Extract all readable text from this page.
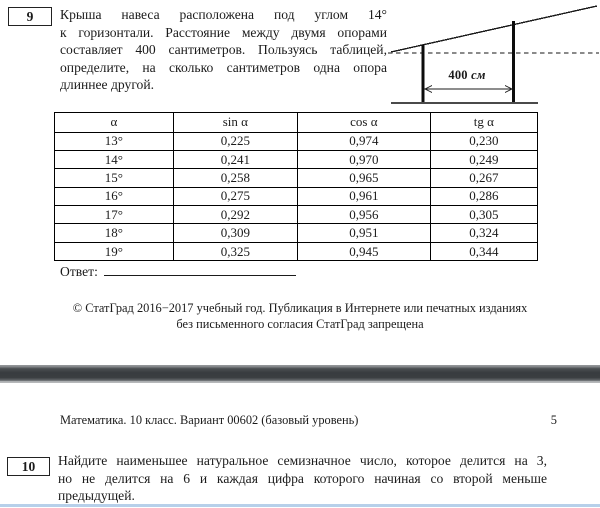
9 Крыша навеса расположена под углом 14°
к горизонтали. Расстояние между двумя опорами
составляет 400 сантиметров. Пользуясь таблицей,
определите, на сколько сантиметров одна опора
длиннее другой.
400 см
α	sin α	cos α	tg α
13°	0,225	0,974	0,230
14°	0,241	0,970	0,249
15°	0,258	0,965	0,267
16°	0,275	0,961	0,286
17°	0,292	0,956	0,305
18°	0,309	0,951	0,324
19°	0,325	0,945	0,344
Ответ:
© СтатГрад 2016−2017 учебный год. Публикация в Интернете или печатных изданиях
без письменного согласия СтатГрад запрещена
Математика. 10 класс. Вариант 00602 (базовый уровень)	5
10 Найдите наименьшее натуральное семизначное число, которое делится на 3,
но не делится на 6 и каждая цифра которого начиная со второй меньше
предыдущей.
